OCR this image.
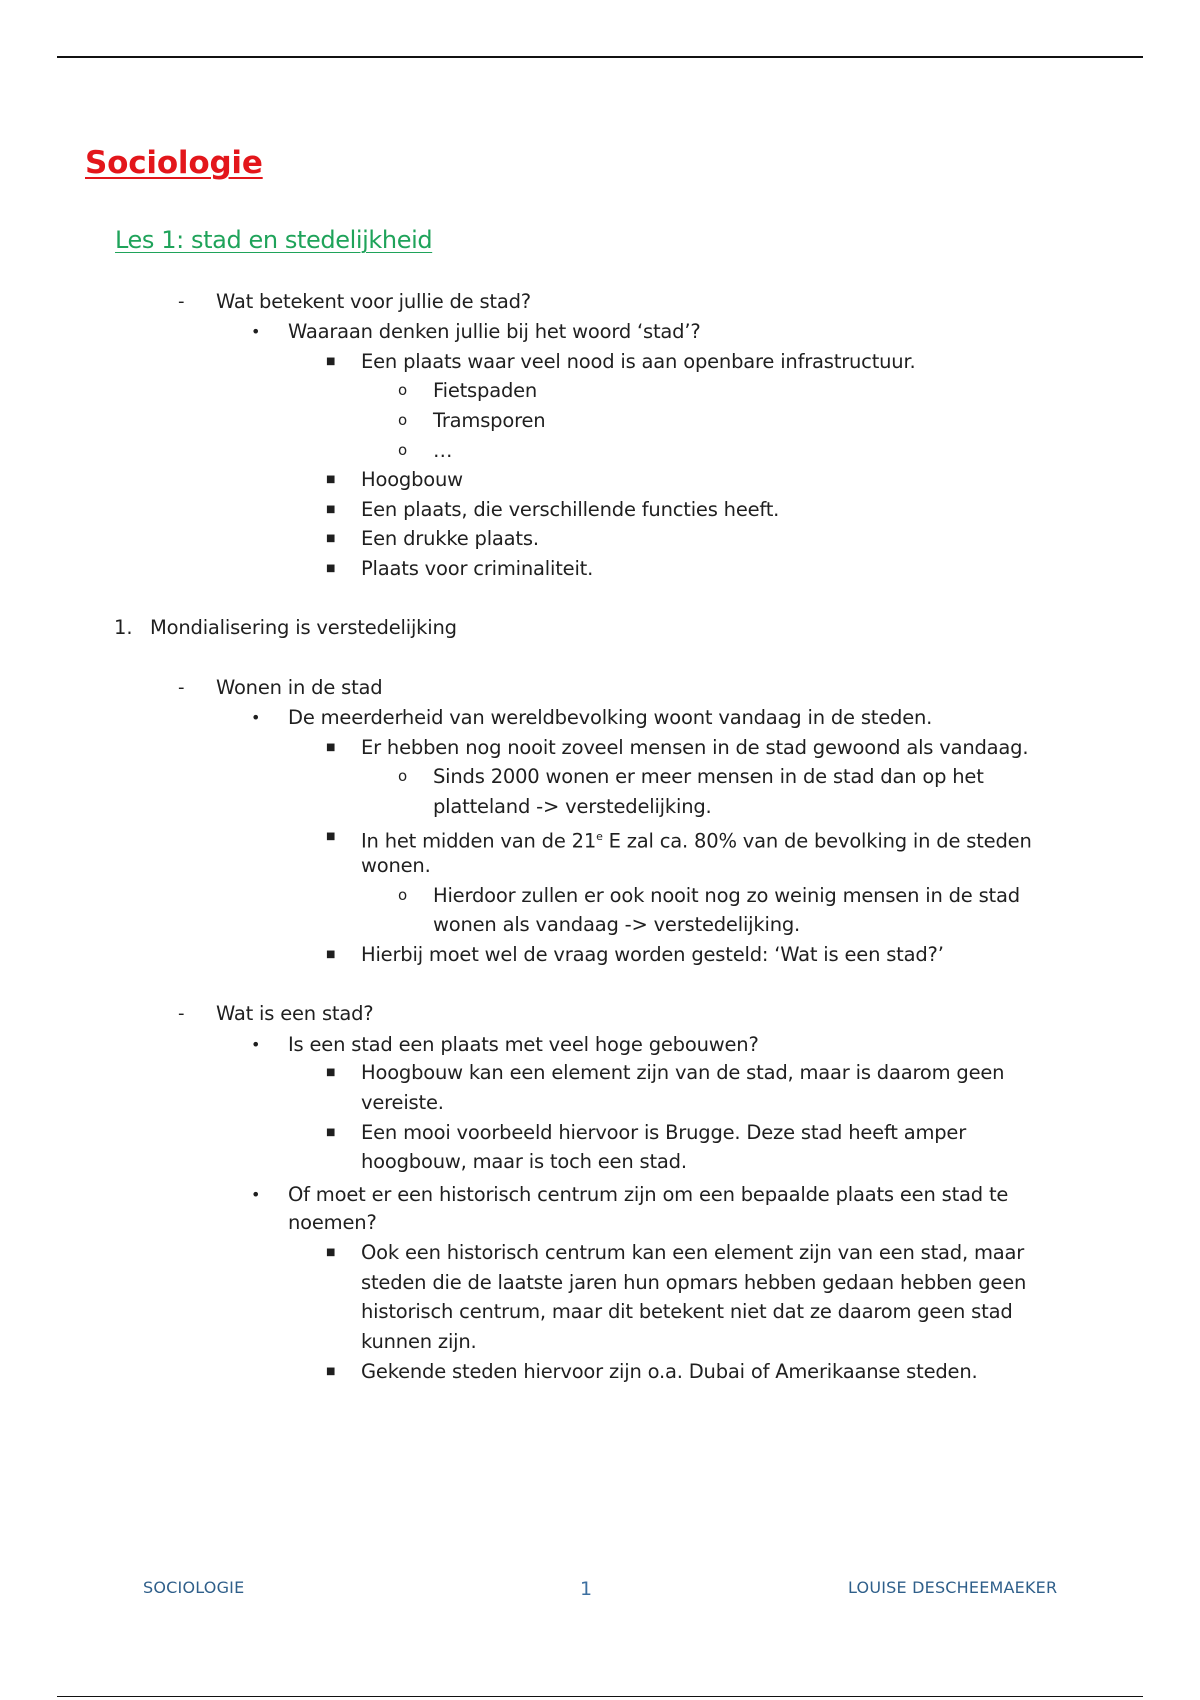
Sociologie
Les 1: stad en stedelijkheid
- Wat betekent voor jullie de stad?
• Waaraan denken jullie bij het woord ‘stad’?
■ Een plaats waar veel nood is aan openbare infrastructuur.
o Fietspaden
o Tramsporen
o …
■ Hoogbouw
■ Een plaats, die verschillende functies heeft.
■ Een drukke plaats.
■ Plaats voor criminaliteit.
1. Mondialisering is verstedelijking
- Wonen in de stad
• De meerderheid van wereldbevolking woont vandaag in de steden.
■ Er hebben nog nooit zoveel mensen in de stad gewoond als vandaag.
o Sinds 2000 wonen er meer mensen in de stad dan op het
platteland -> verstedelijking.
■ In het midden van de 21e E zal ca. 80% van de bevolking in de steden
wonen.
o Hierdoor zullen er ook nooit nog zo weinig mensen in de stad
wonen als vandaag -> verstedelijking.
■ Hierbij moet wel de vraag worden gesteld: ‘Wat is een stad?’
- Wat is een stad?
• Is een stad een plaats met veel hoge gebouwen?
■ Hoogbouw kan een element zijn van de stad, maar is daarom geen
vereiste.
■ Een mooi voorbeeld hiervoor is Brugge. Deze stad heeft amper
hoogbouw, maar is toch een stad.
• Of moet er een historisch centrum zijn om een bepaalde plaats een stad te
noemen?
■ Ook een historisch centrum kan een element zijn van een stad, maar
steden die de laatste jaren hun opmars hebben gedaan hebben geen
historisch centrum, maar dit betekent niet dat ze daarom geen stad
kunnen zijn.
■ Gekende steden hiervoor zijn o.a. Dubai of Amerikaanse steden.
SOCIOLOGIE	1	LOUISE DESCHEEMAEKER
